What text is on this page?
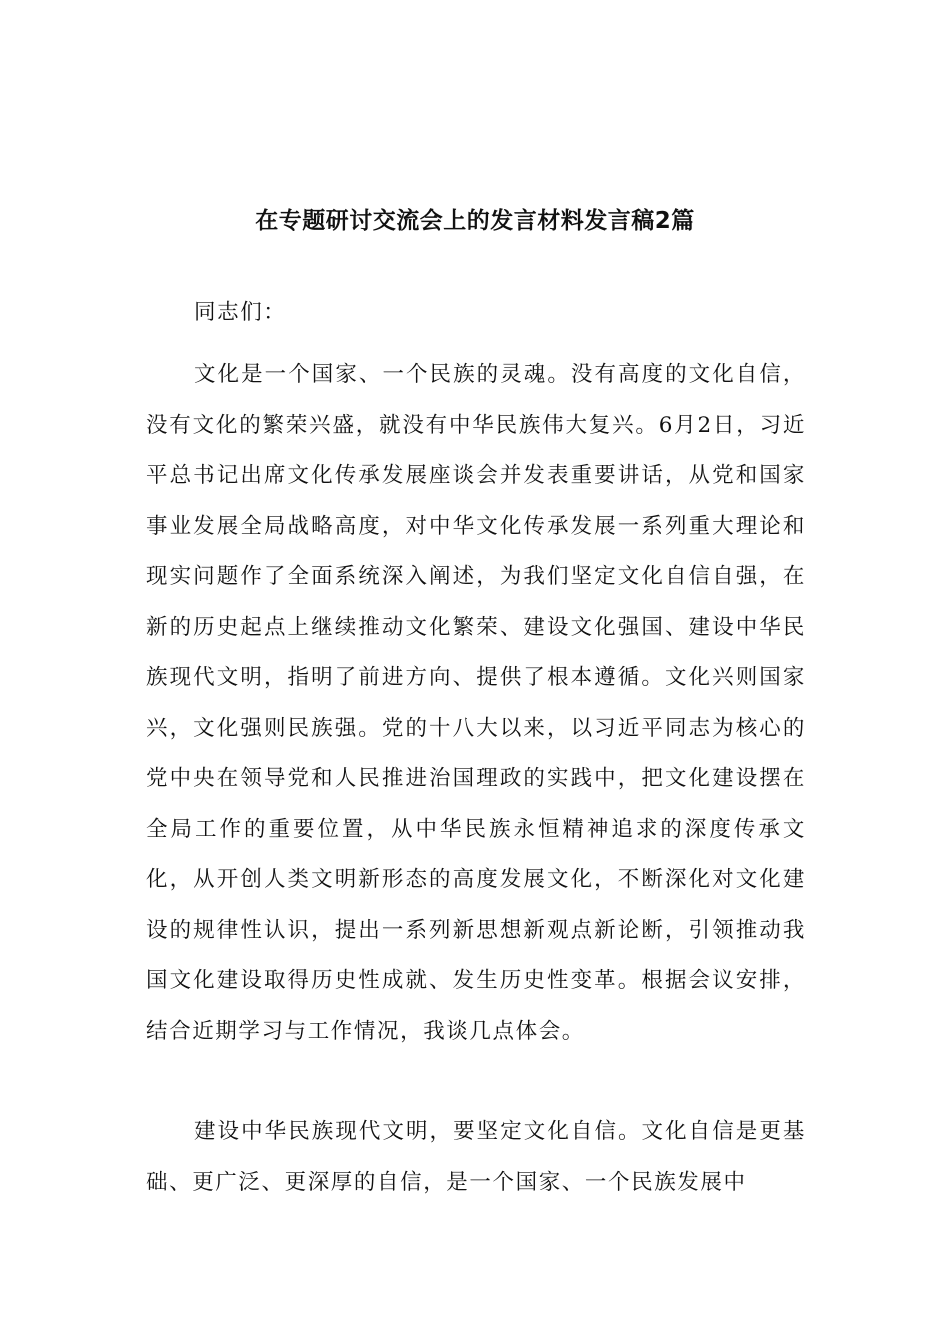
在专题研讨交流会上的发言材料发言稿2篇

同志们：

文化是一个国家、一个民族的灵魂。没有高度的文化自信，没有文化的繁荣兴盛，就没有中华民族伟大复兴。6月2日，习近平总书记出席文化传承发展座谈会并发表重要讲话，从党和国家事业发展全局战略高度，对中华文化传承发展一系列重大理论和现实问题作了全面系统深入阐述，为我们坚定文化自信自强，在新的历史起点上继续推动文化繁荣、建设文化强国、建设中华民族现代文明，指明了前进方向、提供了根本遵循。文化兴则国家兴，文化强则民族强。党的十八大以来，以习近平同志为核心的党中央在领导党和人民推进治国理政的实践中，把文化建设摆在全局工作的重要位置，从中华民族永恒精神追求的深度传承文化，从开创人类文明新形态的高度发展文化，不断深化对文化建设的规律性认识，提出一系列新思想新观点新论断，引领推动我国文化建设取得历史性成就、发生历史性变革。根据会议安排，结合近期学习与工作情况，我谈几点体会。

建设中华民族现代文明，要坚定文化自信。文化自信是更基础、更广泛、更深厚的自信，是一个国家、一个民族发展中
